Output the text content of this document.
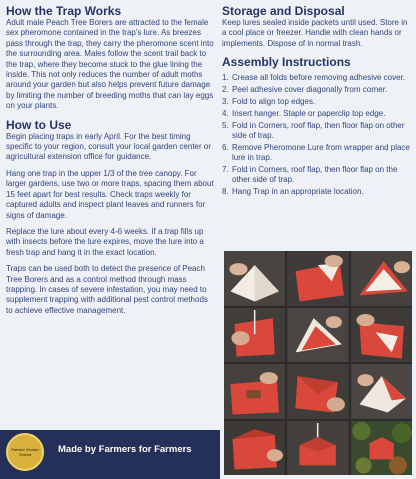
How the Trap Works

Adult male Peach Tree Borers are attracted to the female sex pheromone contained in the trap's lure. As breezes pass through the trap, they carry the pheromone scent into the surrounding area. Males follow the scent trail back to the trap, where they become stuck to the glue lining the inside. This not only reduces the number of adult moths around your garden but also helps prevent future damage by limiting the number of breeding moths that can lay eggs on your plants.

How to Use

Begin placing traps in early April. For the best timing specific to your region, consult your local garden center or agricultural extension office for guidance.

Hang one trap in the upper 1/3 of the tree canopy. For larger gardens, use two or more traps, spacing them about 15 feet apart for best results. Check traps weekly for captured adults and inspect plant leaves and runners for signs of damage.

Replace the lure about every 4-6 weeks. If a trap fills up with insects before the lure expires, move the lure into a fresh trap and hang it in the exact location.

Traps can be used both to detect the presence of Peach Tree Borers and as a control method through mass trapping. In cases of severe infestation, you may need to supplement trapping with additional pest control methods to achieve effective management.

Storage and Disposal

Keep lures sealed inside packets until used. Store in a cool place or freezer. Handle with clean hands or implements. Dispose of in normal trash.

Assembly Instructions
1. Crease all folds before removing adhesive cover.
2. Peel adhesive cover diagonally from corner.
3. Fold to align top edges.
4. Insert hanger. Staple or paperclip top edge.
5. Fold in Corners, roof flap, then floor flap on other side of trap.
6. Remove Pheromone Lure from wrapper and place lure in trap.
7. Fold in Corners, roof flap, then floor flap on the other side of trap.
8. Hang Trap in an appropriate location.
Farmer Grown
Tested	Made by Farmers for Farmers
